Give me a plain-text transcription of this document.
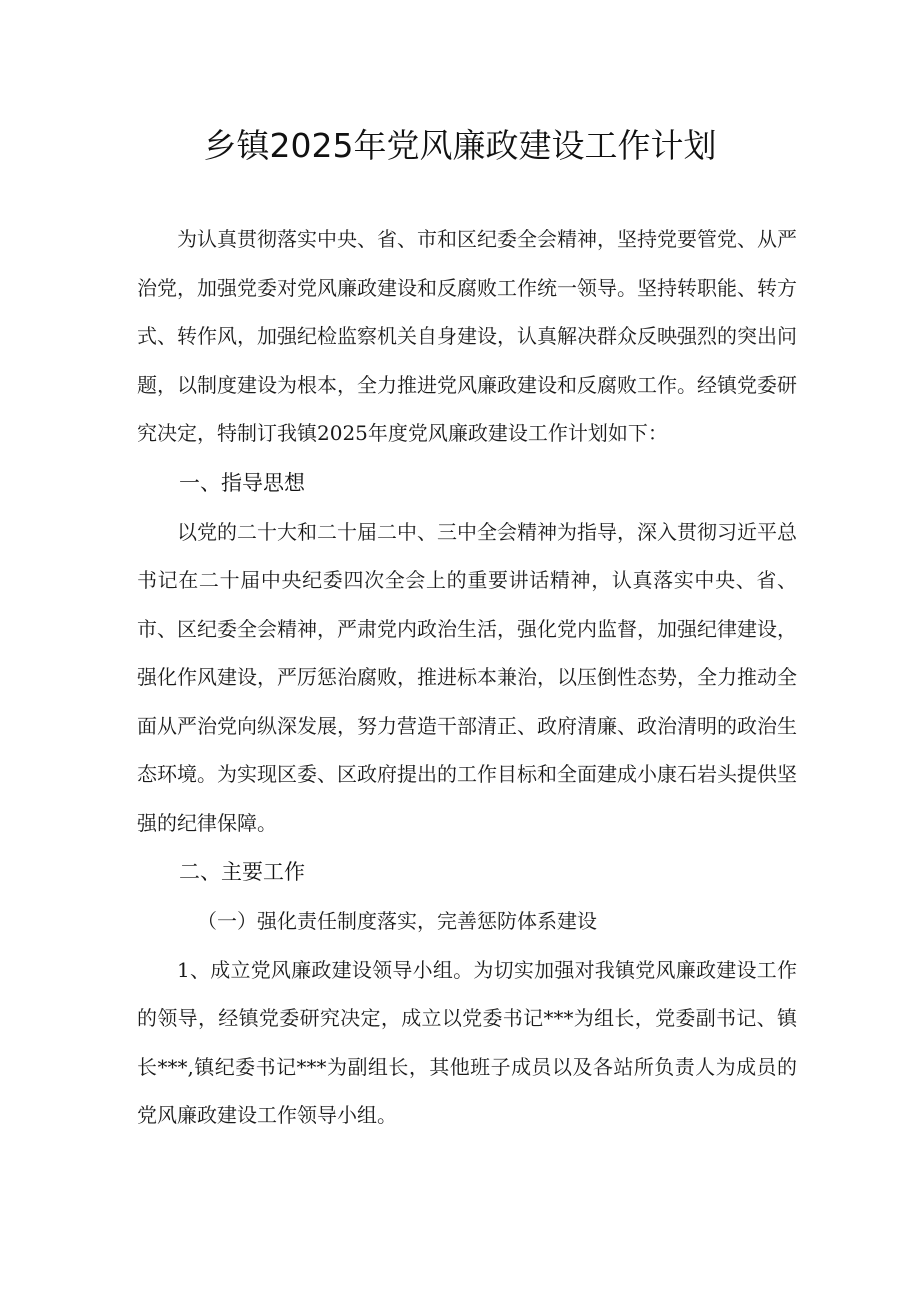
乡镇2025年党风廉政建设工作计划

为认真贯彻落实中央、省、市和区纪委全会精神，坚持党要管党、从严治党，加强党委对党风廉政建设和反腐败工作统一领导。坚持转职能、转方式、转作风，加强纪检监察机关自身建设，认真解决群众反映强烈的突出问题，以制度建设为根本，全力推进党风廉政建设和反腐败工作。经镇党委研究决定，特制订我镇2025年度党风廉政建设工作计划如下：

一、指导思想

以党的二十大和二十届二中、三中全会精神为指导，深入贯彻习近平总书记在二十届中央纪委四次全会上的重要讲话精神，认真落实中央、省、市、区纪委全会精神，严肃党内政治生活，强化党内监督，加强纪律建设，强化作风建设，严厉惩治腐败，推进标本兼治，以压倒性态势，全力推动全面从严治党向纵深发展，努力营造干部清正、政府清廉、政治清明的政治生态环境。为实现区委、区政府提出的工作目标和全面建成小康石岩头提供坚强的纪律保障。

二、主要工作

（一）强化责任制度落实，完善惩防体系建设

1、成立党风廉政建设领导小组。为切实加强对我镇党风廉政建设工作的领导，经镇党委研究决定，成立以党委书记***为组长，党委副书记、镇长***,镇纪委书记***为副组长，其他班子成员以及各站所负责人为成员的党风廉政建设工作领导小组。
